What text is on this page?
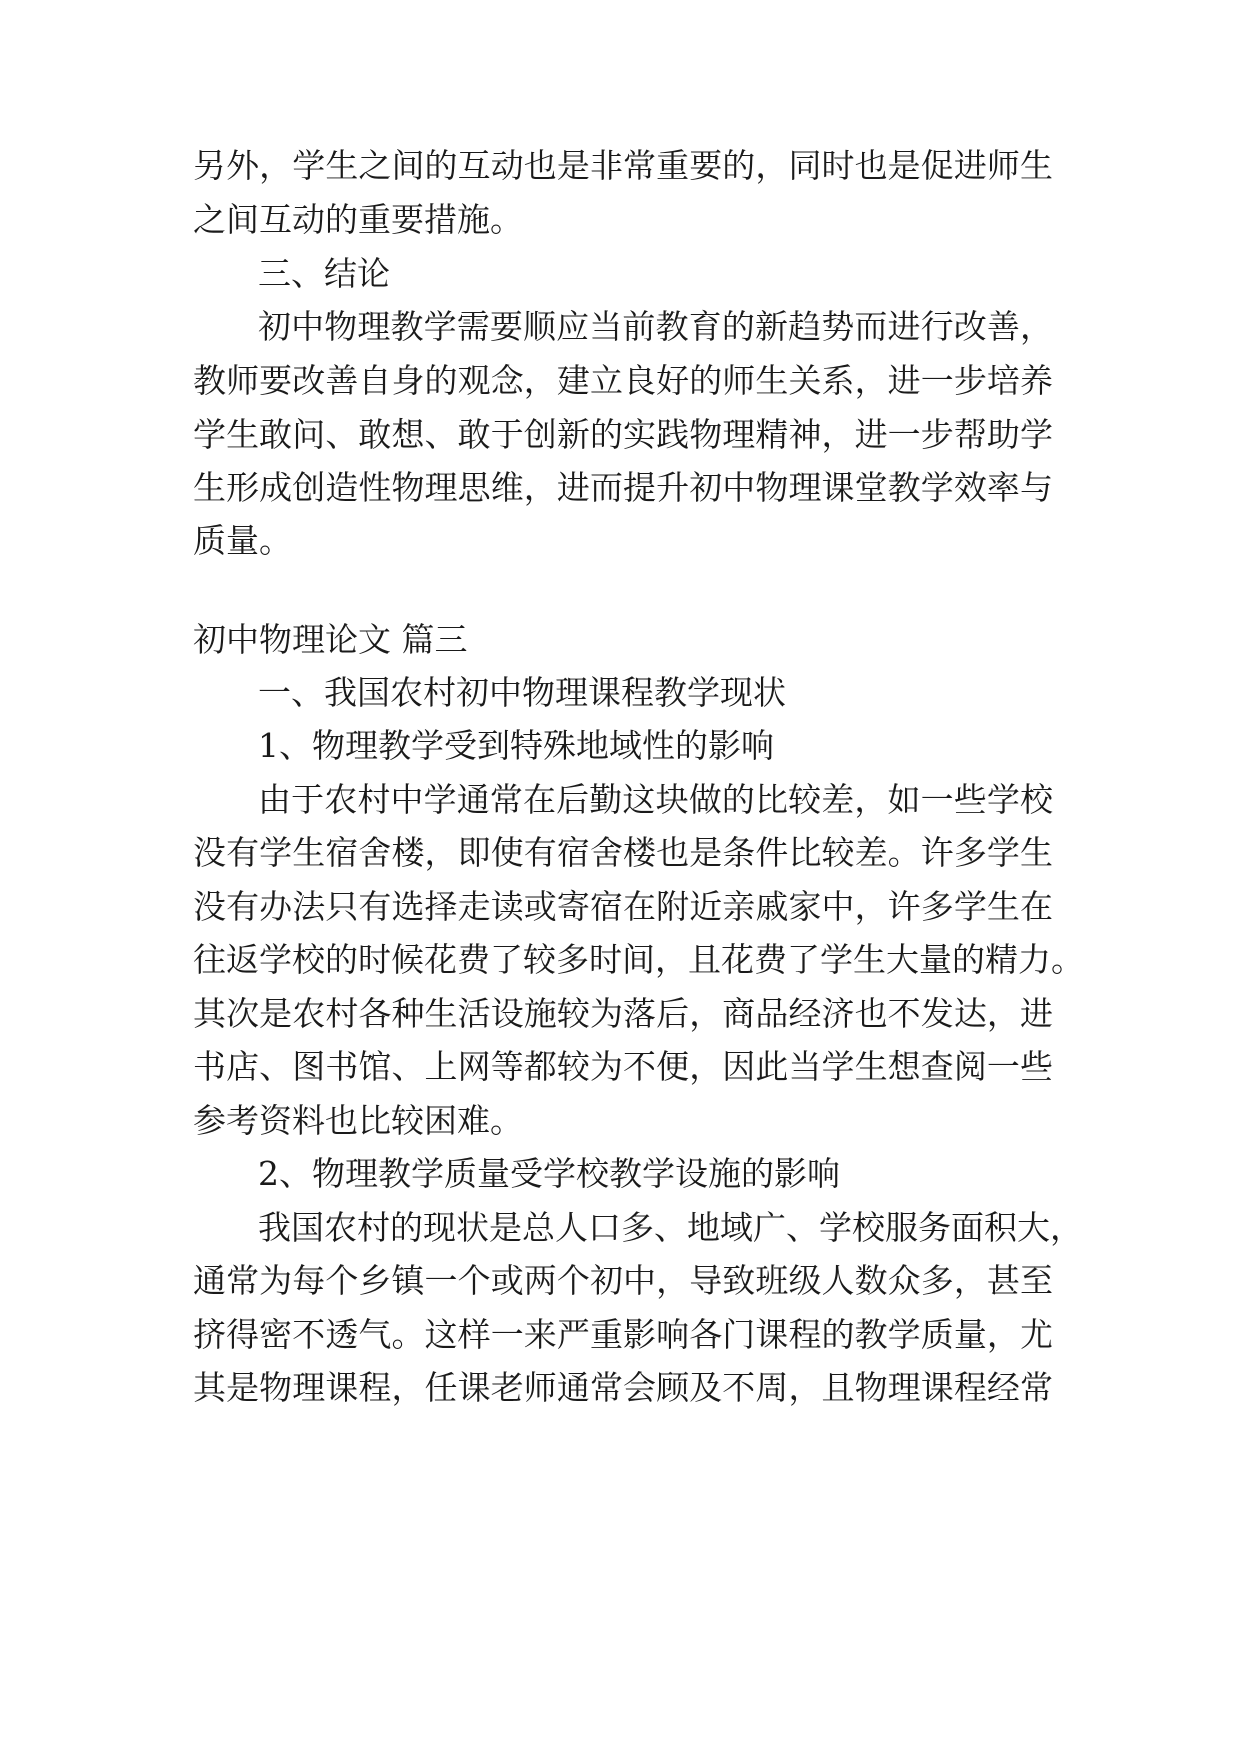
另外，学生之间的互动也是非常重要的，同时也是促进师生
之间互动的重要措施。
三、结论
初中物理教学需要顺应当前教育的新趋势而进行改善，
教师要改善自身的观念，建立良好的师生关系，进一步培养
学生敢问、敢想、敢于创新的实践物理精神，进一步帮助学
生形成创造性物理思维，进而提升初中物理课堂教学效率与
质量。
初中物理论文 篇三
一、我国农村初中物理课程教学现状
1、物理教学受到特殊地域性的影响
由于农村中学通常在后勤这块做的比较差，如一些学校
没有学生宿舍楼，即使有宿舍楼也是条件比较差。许多学生
没有办法只有选择走读或寄宿在附近亲戚家中，许多学生在
往返学校的时候花费了较多时间，且花费了学生大量的精力。
其次是农村各种生活设施较为落后，商品经济也不发达，进
书店、图书馆、上网等都较为不便，因此当学生想查阅一些
参考资料也比较困难。
2、物理教学质量受学校教学设施的影响
我国农村的现状是总人口多、地域广、学校服务面积大，
通常为每个乡镇一个或两个初中，导致班级人数众多，甚至
挤得密不透气。这样一来严重影响各门课程的教学质量，尤
其是物理课程，任课老师通常会顾及不周，且物理课程经常
